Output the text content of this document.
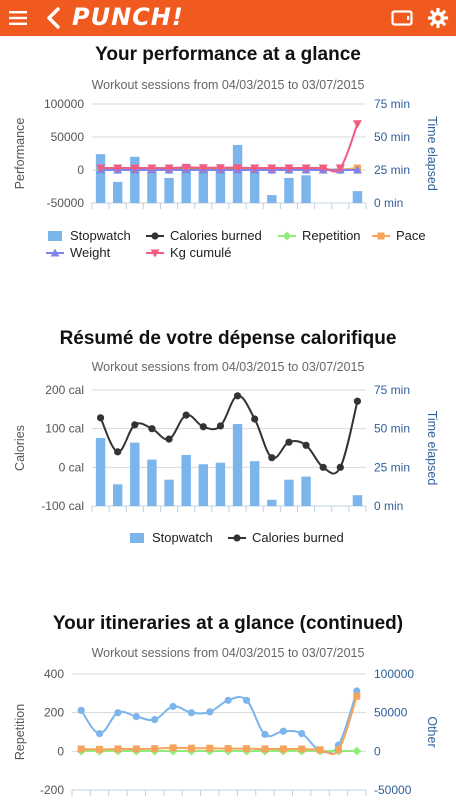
PUNCH!
Your performance at a glance
Workout sessions from 04/03/2015 to 03/07/2015
100000
50000
0
-50000
75 min
50 min
25 min
0 min
Performance	Time elapsed
Stopwatch	Calories burned	Repetition	Pace
Weight	Kg cumulé
Résumé de votre dépense calorifique
Workout sessions from 04/03/2015 to 03/07/2015
200 cal
100 cal
0 cal
-100 cal
75 min
50 min
25 min
0 min
Calories	Time elapsed
Stopwatch	Calories burned
Your itineraries at a glance (continued)
Workout sessions from 04/03/2015 to 03/07/2015
400
200
0
-200
100000
50000
0
-50000
Repetition	Other
